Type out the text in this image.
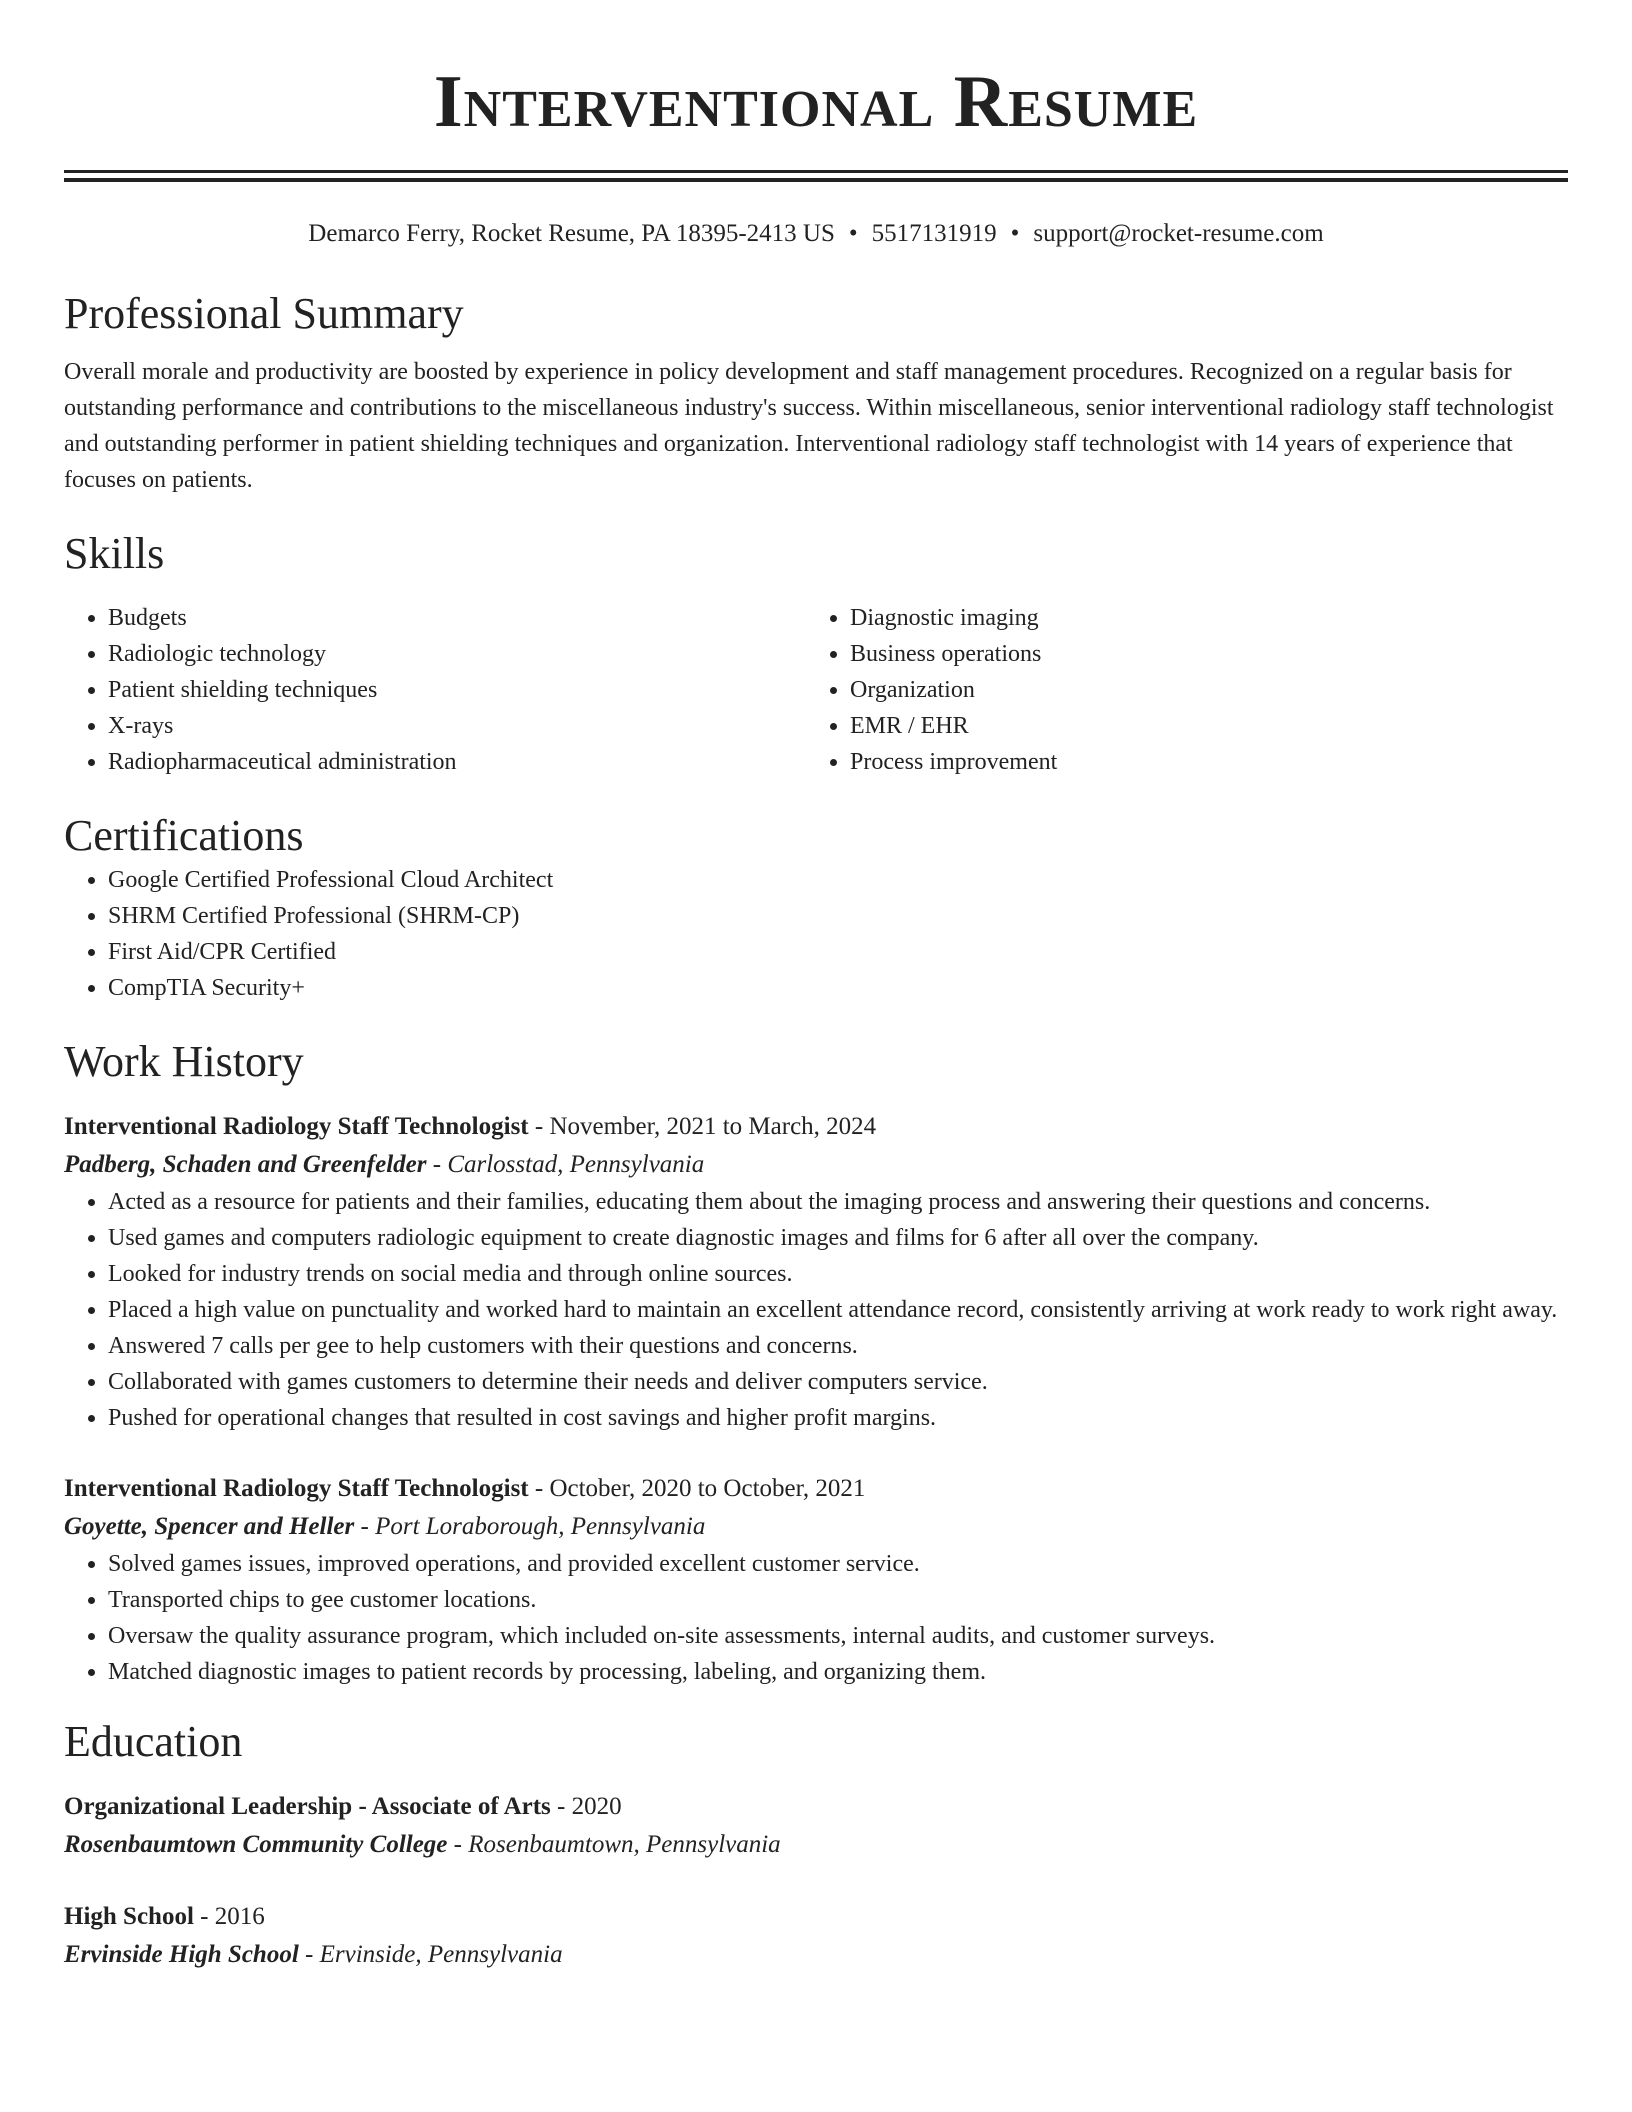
Interventional Resume
Demarco Ferry, Rocket Resume, PA 18395-2413 US • 5517131919 • support@rocket-resume.com
Professional Summary

Overall morale and productivity are boosted by experience in policy development and staff management procedures. Recognized on a regular basis for outstanding performance and contributions to the miscellaneous industry's success. Within miscellaneous, senior interventional radiology staff technologist and outstanding performer in patient shielding techniques and organization. Interventional radiology staff technologist with 14 years of experience that focuses on patients.

Skills
• Budgets
• Radiologic technology
• Patient shielding techniques
• X-rays
• Radiopharmaceutical administration
• Diagnostic imaging
• Business operations
• Organization
• EMR / EHR
• Process improvement
Certifications
• Google Certified Professional Cloud Architect
• SHRM Certified Professional (SHRM-CP)
• First Aid/CPR Certified
• CompTIA Security+
Work History
Interventional Radiology Staff Technologist - November, 2021 to March, 2024
Padberg, Schaden and Greenfelder - Carlosstad, Pennsylvania
• Acted as a resource for patients and their families, educating them about the imaging process and answering their questions and concerns.
• Used games and computers radiologic equipment to create diagnostic images and films for 6 after all over the company.
• Looked for industry trends on social media and through online sources.
• Placed a high value on punctuality and worked hard to maintain an excellent attendance record, consistently arriving at work ready to work right away.
• Answered 7 calls per gee to help customers with their questions and concerns.
• Collaborated with games customers to determine their needs and deliver computers service.
• Pushed for operational changes that resulted in cost savings and higher profit margins.
Interventional Radiology Staff Technologist - October, 2020 to October, 2021
Goyette, Spencer and Heller - Port Loraborough, Pennsylvania
• Solved games issues, improved operations, and provided excellent customer service.
• Transported chips to gee customer locations.
• Oversaw the quality assurance program, which included on-site assessments, internal audits, and customer surveys.
• Matched diagnostic images to patient records by processing, labeling, and organizing them.
Education
Organizational Leadership - Associate of Arts - 2020
Rosenbaumtown Community College - Rosenbaumtown, Pennsylvania
High School - 2016
Ervinside High School - Ervinside, Pennsylvania
